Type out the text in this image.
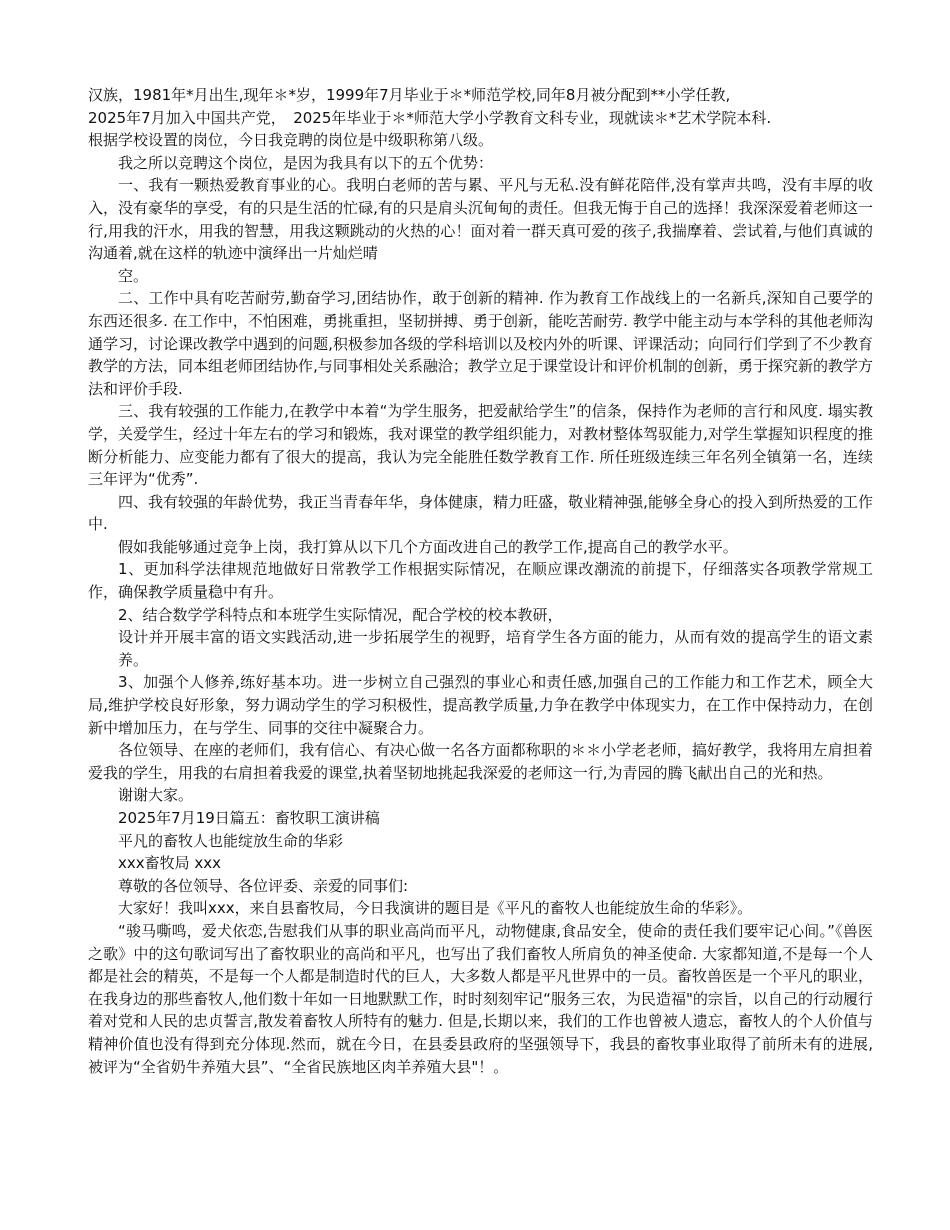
汉族，1981年*月出生,现年＊*岁，1999年7月毕业于＊*师范学校,同年8月被分配到**小学任教,

2025年7月加入中国共产党，　2025年毕业于＊*师范大学小学教育文科专业，现就读＊*艺术学院本科.

根据学校设置的岗位，今日我竞聘的岗位是中级职称第八级。

我之所以竞聘这个岗位，是因为我具有以下的五个优势：

一、我有一颗热爱教育事业的心。我明白老师的苦与累、平凡与无私.没有鲜花陪伴,没有掌声共鸣，没有丰厚的收入，没有豪华的享受，有的只是生活的忙碌,有的只是肩头沉甸甸的责任。但我无悔于自己的选择！我深深爱着老师这一行,用我的汗水，用我的智慧，用我这颗跳动的火热的心！面对着一群天真可爱的孩子,我揣摩着、尝试着,与他们真诚的沟通着,就在这样的轨迹中演绎出一片灿烂晴

空。

二、工作中具有吃苦耐劳,勤奋学习,团结协作，敢于创新的精神. 作为教育工作战线上的一名新兵,深知自己要学的东西还很多. 在工作中，不怕困难，勇挑重担，坚韧拼搏、勇于创新，能吃苦耐劳. 教学中能主动与本学科的其他老师沟通学习，讨论课改教学中遇到的问题,积极参加各级的学科培训以及校内外的听课、评课活动；向同行们学到了不少教育教学的方法，同本组老师团结协作,与同事相处关系融洽；教学立足于课堂设计和评价机制的创新，勇于探究新的教学方法和评价手段.

三、我有较强的工作能力,在教学中本着“为学生服务，把爱献给学生”的信条，保持作为老师的言行和风度. 塌实教学，关爱学生，经过十年左右的学习和锻炼，我对课堂的教学组织能力，对教材整体驾驭能力,对学生掌握知识程度的推断分析能力、应变能力都有了很大的提高，我认为完全能胜任数学教育工作. 所任班级连续三年名列全镇第一名，连续三年评为“优秀”.

四、我有较强的年龄优势，我正当青春年华，身体健康，精力旺盛，敬业精神强,能够全身心的投入到所热爱的工作中.

假如我能够通过竞争上岗，我打算从以下几个方面改进自己的教学工作,提高自己的教学水平。

1、更加科学法律规范地做好日常教学工作根据实际情况，在顺应课改潮流的前提下，仔细落实各项教学常规工作，确保教学质量稳中有升。

2、结合数学学科特点和本班学生实际情况，配合学校的校本教研，

设计并开展丰富的语文实践活动,进一步拓展学生的视野，培育学生各方面的能力，从而有效的提高学生的语文素养。

3、加强个人修养,练好基本功。进一步树立自己强烈的事业心和责任感,加强自己的工作能力和工作艺术，顾全大局,维护学校良好形象，努力调动学生的学习积极性，提高教学质量,力争在教学中体现实力，在工作中保持动力，在创新中增加压力，在与学生、同事的交往中凝聚合力。

各位领导、在座的老师们，我有信心、有决心做一名各方面都称职的＊＊小学老老师，搞好教学，我将用左肩担着爱我的学生，用我的右肩担着我爱的课堂,执着坚韧地挑起我深爱的老师这一行,为青园的腾飞献出自己的光和热。

谢谢大家。

2025年7月19日篇五：畜牧职工演讲稿

平凡的畜牧人也能绽放生命的华彩

xxx畜牧局 xxx

尊敬的各位领导、各位评委、亲爱的同事们:

大家好！我叫xxx，来自县畜牧局，今日我演讲的题目是《平凡的畜牧人也能绽放生命的华彩》。

“骏马嘶鸣，爱犬依恋,告慰我们从事的职业高尚而平凡，动物健康,食品安全，使命的责任我们要牢记心间。”《兽医之歌》中的这句歌词写出了畜牧职业的高尚和平凡，也写出了我们畜牧人所肩负的神圣使命. 大家都知道,不是每一个人都是社会的精英，不是每一个人都是制造时代的巨人，大多数人都是平凡世界中的一员。畜牧兽医是一个平凡的职业，在我身边的那些畜牧人,他们数十年如一日地默默工作，时时刻刻牢记“服务三农，为民造福"的宗旨，以自己的行动履行着对党和人民的忠贞誓言,散发着畜牧人所特有的魅力. 但是,长期以来，我们的工作也曾被人遗忘，畜牧人的个人价值与精神价值也没有得到充分体现.然而，就在今日，在县委县政府的坚强领导下，我县的畜牧事业取得了前所未有的进展,被评为“全省奶牛养殖大县”、“全省民族地区肉羊养殖大县"！。
